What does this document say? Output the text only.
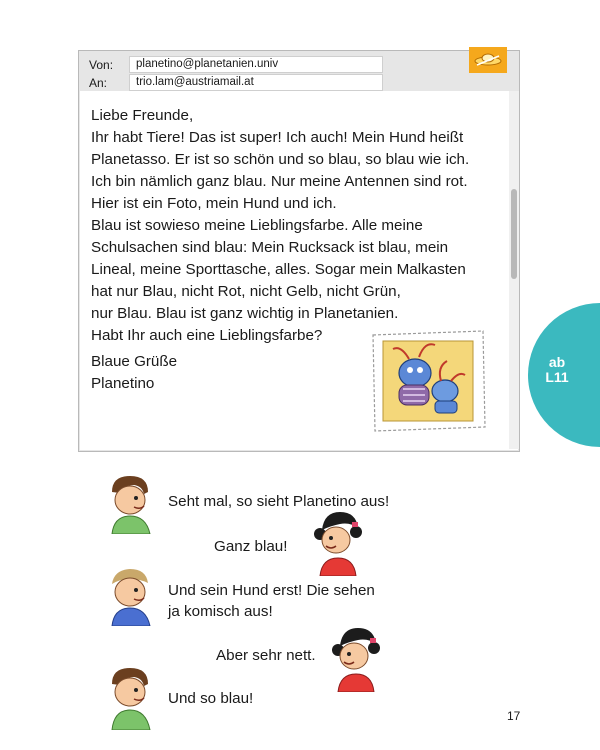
Von:	planetino@planetanien.univ
An:	trio.lam@austriamail.at

Liebe Freunde,

Ihr habt Tiere! Das ist super! Ich auch! Mein Hund heißt

Planetasso. Er ist so schön und so blau, so blau wie ich.

Ich bin nämlich ganz blau. Nur meine Antennen sind rot.

Hier ist ein Foto, mein Hund und ich.

Blau ist sowieso meine Lieblingsfarbe. Alle meine

Schulsachen sind blau: Mein Rucksack ist blau, mein

Lineal, meine Sporttasche, alles. Sogar mein Malkasten

hat nur Blau, nicht Rot, nicht Gelb, nicht Grün,

nur Blau. Blau ist ganz wichtig in Planetanien.

Habt Ihr auch eine Lieblingsfarbe?

Blaue Grüße

Planetino

ab
L11
Seht mal, so sieht Planetino aus!
Ganz blau!
Und sein Hund erst! Die sehen
ja komisch aus!
Aber sehr nett.
Und so blau!
17
